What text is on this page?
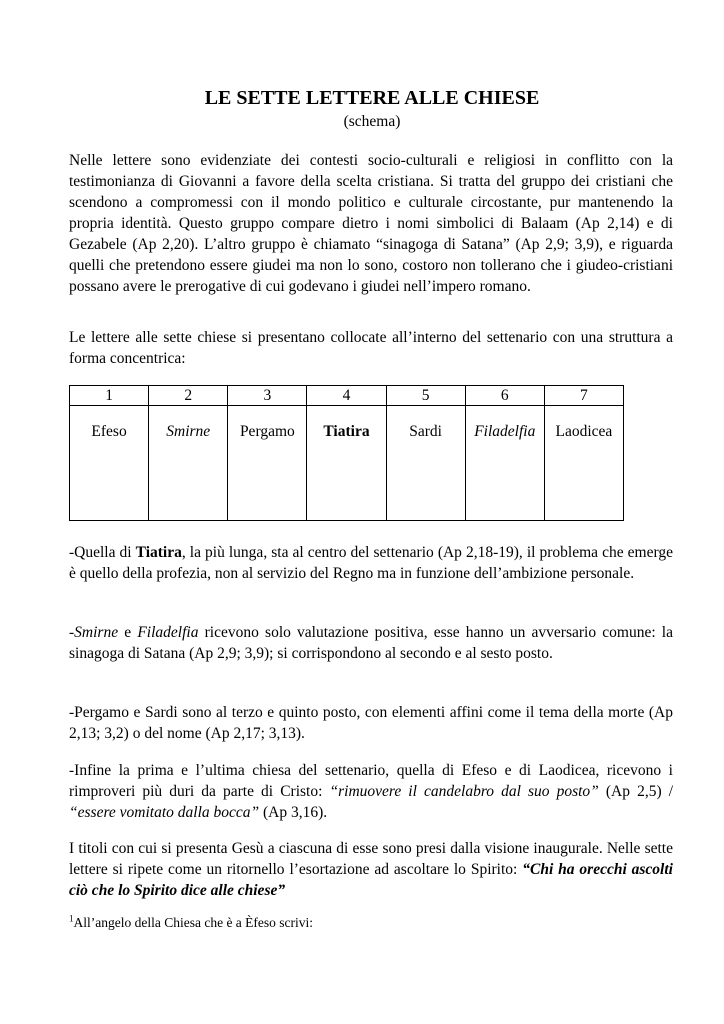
LE SETTE LETTERE ALLE CHIESE

(schema)

Nelle lettere sono evidenziate dei contesti socio-culturali e religiosi in conflitto con la testimonianza di Giovanni a favore della scelta cristiana. Si tratta del gruppo dei cristiani che scendono a compromessi con il mondo politico e culturale circostante, pur mantenendo la propria identità. Questo gruppo compare dietro i nomi simbolici di Balaam (Ap 2,14) e di Gezabele (Ap 2,20). L’altro gruppo è chiamato “sinagoga di Satana” (Ap 2,9; 3,9), e riguarda quelli che pretendono essere giudei ma non lo sono, costoro non tollerano che i giudeo-cristiani possano avere le prerogative di cui godevano i giudei nell’impero romano.

Le lettere alle sette chiese si presentano collocate all’interno del settenario con una struttura a forma concentrica:

1	2	3	4	5	6	7
Efeso	Smirne	Pergamo	Tiatira	Sardi	Filadelfia	Laodicea

-Quella di Tiatira, la più lunga, sta al centro del settenario (Ap 2,18-19), il problema che emerge è quello della profezia, non al servizio del Regno ma in funzione dell’ambizione personale.

-Smirne e Filadelfia ricevono solo valutazione positiva, esse hanno un avversario comune: la sinagoga di Satana (Ap 2,9; 3,9); si corrispondono al secondo e al sesto posto.

-Pergamo e Sardi sono al terzo e quinto posto, con elementi affini come il tema della morte (Ap 2,13; 3,2) o del nome (Ap 2,17; 3,13).

-Infine la prima e l’ultima chiesa del settenario, quella di Efeso e di Laodicea, ricevono i rimproveri più duri da parte di Cristo: “rimuovere il candelabro dal suo posto” (Ap 2,5) / “essere vomitato dalla bocca” (Ap 3,16).

I titoli con cui si presenta Gesù a ciascuna di esse sono presi dalla visione inaugurale. Nelle sette lettere si ripete come un ritornello l’esortazione ad ascoltare lo Spirito: “Chi ha orecchi ascolti ciò che lo Spirito dice alle chiese”

$^1$All’angelo della Chiesa che è a Èfeso scrivi:
